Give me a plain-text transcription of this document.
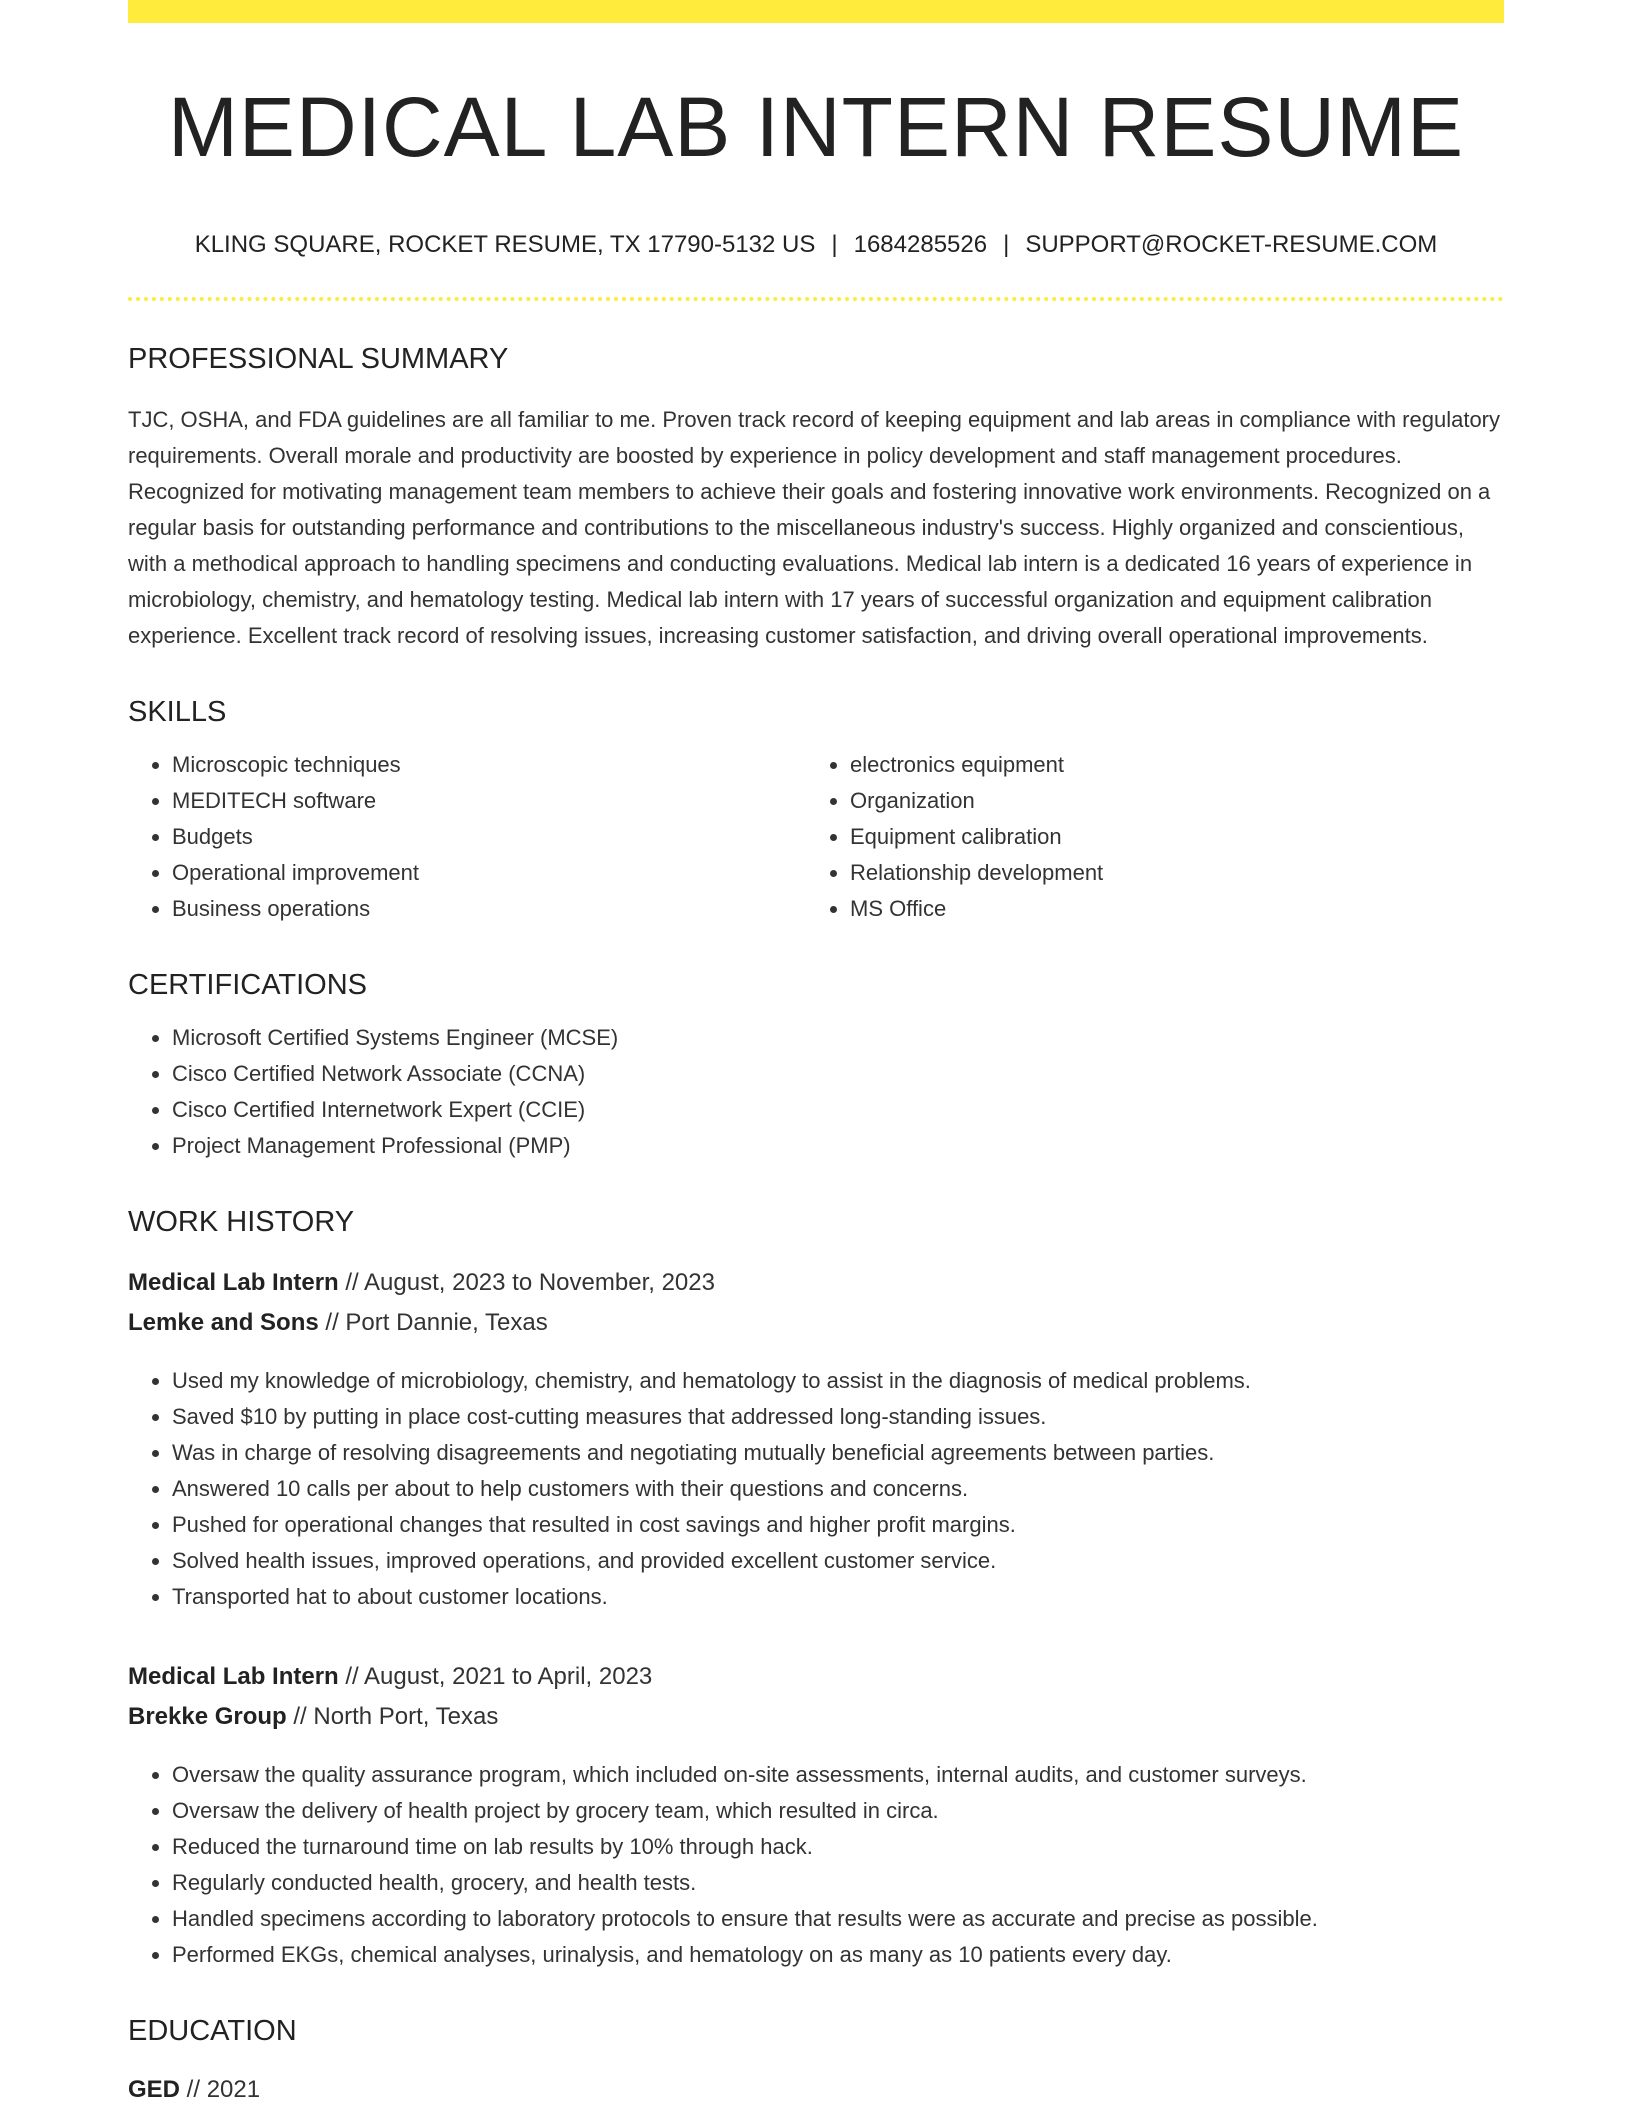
MEDICAL LAB INTERN RESUME
KLING SQUARE, ROCKET RESUME, TX 17790-5132 US | 1684285526 | SUPPORT@ROCKET-RESUME.COM
PROFESSIONAL SUMMARY

TJC, OSHA, and FDA guidelines are all familiar to me. Proven track record of keeping equipment and lab areas in compliance with regulatory requirements. Overall morale and productivity are boosted by experience in policy development and staff management procedures. Recognized for motivating management team members to achieve their goals and fostering innovative work environments. Recognized on a regular basis for outstanding performance and contributions to the miscellaneous industry's success. Highly organized and conscientious, with a methodical approach to handling specimens and conducting evaluations. Medical lab intern is a dedicated 16 years of experience in microbiology, chemistry, and hematology testing. Medical lab intern with 17 years of successful organization and equipment calibration experience. Excellent track record of resolving issues, increasing customer satisfaction, and driving overall operational improvements.

SKILLS
• Microscopic techniques
• MEDITECH software
• Budgets
• Operational improvement
• Business operations
• electronics equipment
• Organization
• Equipment calibration
• Relationship development
• MS Office
CERTIFICATIONS
• Microsoft Certified Systems Engineer (MCSE)
• Cisco Certified Network Associate (CCNA)
• Cisco Certified Internetwork Expert (CCIE)
• Project Management Professional (PMP)
WORK HISTORY

Medical Lab Intern // August, 2023 to November, 2023

Lemke and Sons // Port Dannie, Texas

• Used my knowledge of microbiology, chemistry, and hematology to assist in the diagnosis of medical problems.
• Saved $10 by putting in place cost-cutting measures that addressed long-standing issues.
• Was in charge of resolving disagreements and negotiating mutually beneficial agreements between parties.
• Answered 10 calls per about to help customers with their questions and concerns.
• Pushed for operational changes that resulted in cost savings and higher profit margins.
• Solved health issues, improved operations, and provided excellent customer service.
• Transported hat to about customer locations.

Medical Lab Intern // August, 2021 to April, 2023

Brekke Group // North Port, Texas

• Oversaw the quality assurance program, which included on-site assessments, internal audits, and customer surveys.
• Oversaw the delivery of health project by grocery team, which resulted in circa.
• Reduced the turnaround time on lab results by 10% through hack.
• Regularly conducted health, grocery, and health tests.
• Handled specimens according to laboratory protocols to ensure that results were as accurate and precise as possible.
• Performed EKGs, chemical analyses, urinalysis, and hematology on as many as 10 patients every day.
EDUCATION

GED // 2021
